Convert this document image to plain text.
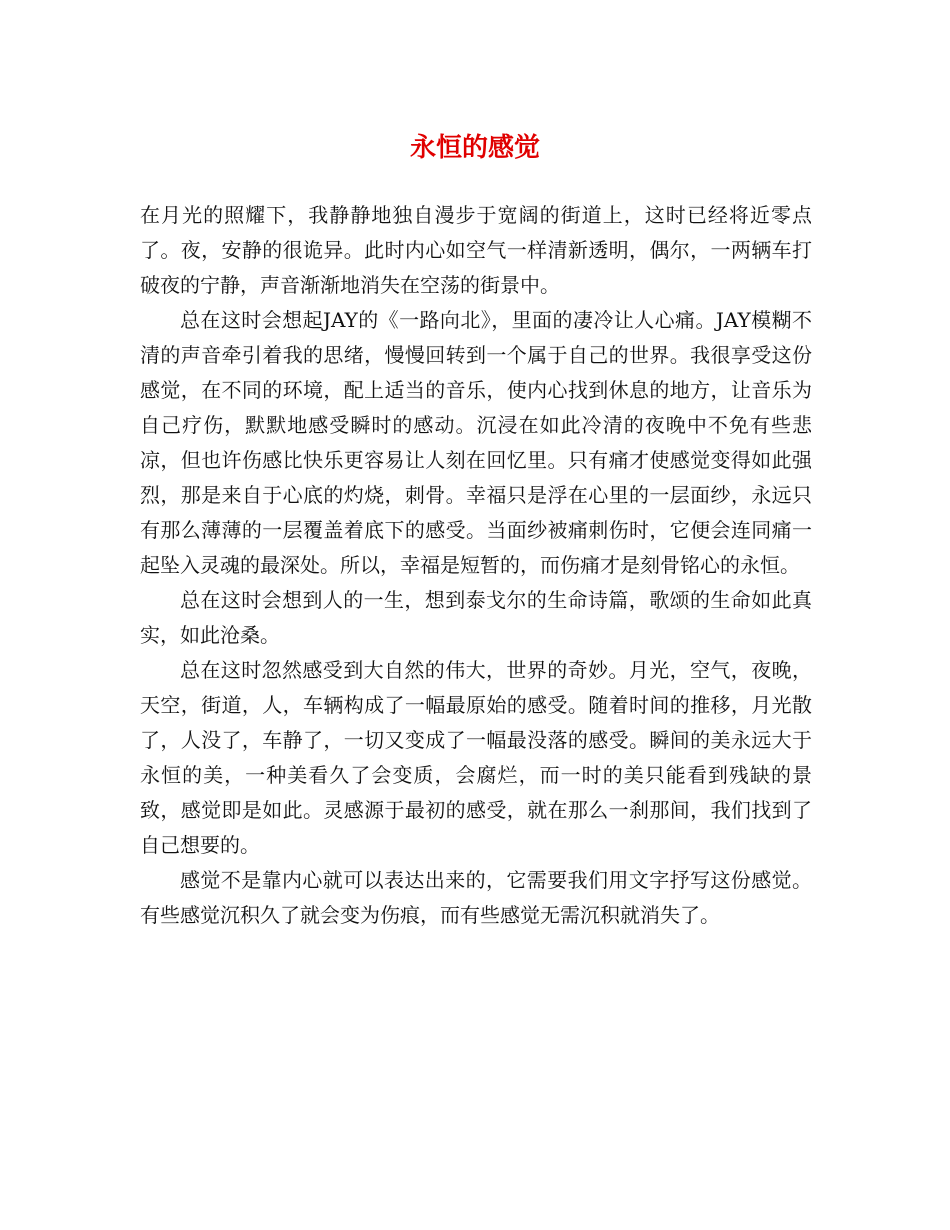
永恒的感觉

在月光的照耀下，我静静地独自漫步于宽阔的街道上，这时已经将近零点了。夜，安静的很诡异。此时内心如空气一样清新透明，偶尔，一两辆车打破夜的宁静，声音渐渐地消失在空荡的街景中。

总在这时会想起JAY的《一路向北》，里面的凄冷让人心痛。JAY模糊不清的声音牵引着我的思绪，慢慢回转到一个属于自己的世界。我很享受这份感觉，在不同的环境，配上适当的音乐，使内心找到休息的地方，让音乐为自己疗伤，默默地感受瞬时的感动。沉浸在如此冷清的夜晚中不免有些悲凉，但也许伤感比快乐更容易让人刻在回忆里。只有痛才使感觉变得如此强烈，那是来自于心底的灼烧，刺骨。幸福只是浮在心里的一层面纱，永远只有那么薄薄的一层覆盖着底下的感受。当面纱被痛刺伤时，它便会连同痛一起坠入灵魂的最深处。所以，幸福是短暂的，而伤痛才是刻骨铭心的永恒。

总在这时会想到人的一生，想到泰戈尔的生命诗篇，歌颂的生命如此真实，如此沧桑。

总在这时忽然感受到大自然的伟大，世界的奇妙。月光，空气，夜晚，天空，街道，人，车辆构成了一幅最原始的感受。随着时间的推移，月光散了，人没了，车静了，一切又变成了一幅最没落的感受。瞬间的美永远大于永恒的美，一种美看久了会变质，会腐烂，而一时的美只能看到残缺的景致，感觉即是如此。灵感源于最初的感受，就在那么一刹那间，我们找到了自己想要的。

感觉不是靠内心就可以表达出来的，它需要我们用文字抒写这份感觉。有些感觉沉积久了就会变为伤痕，而有些感觉无需沉积就消失了。
